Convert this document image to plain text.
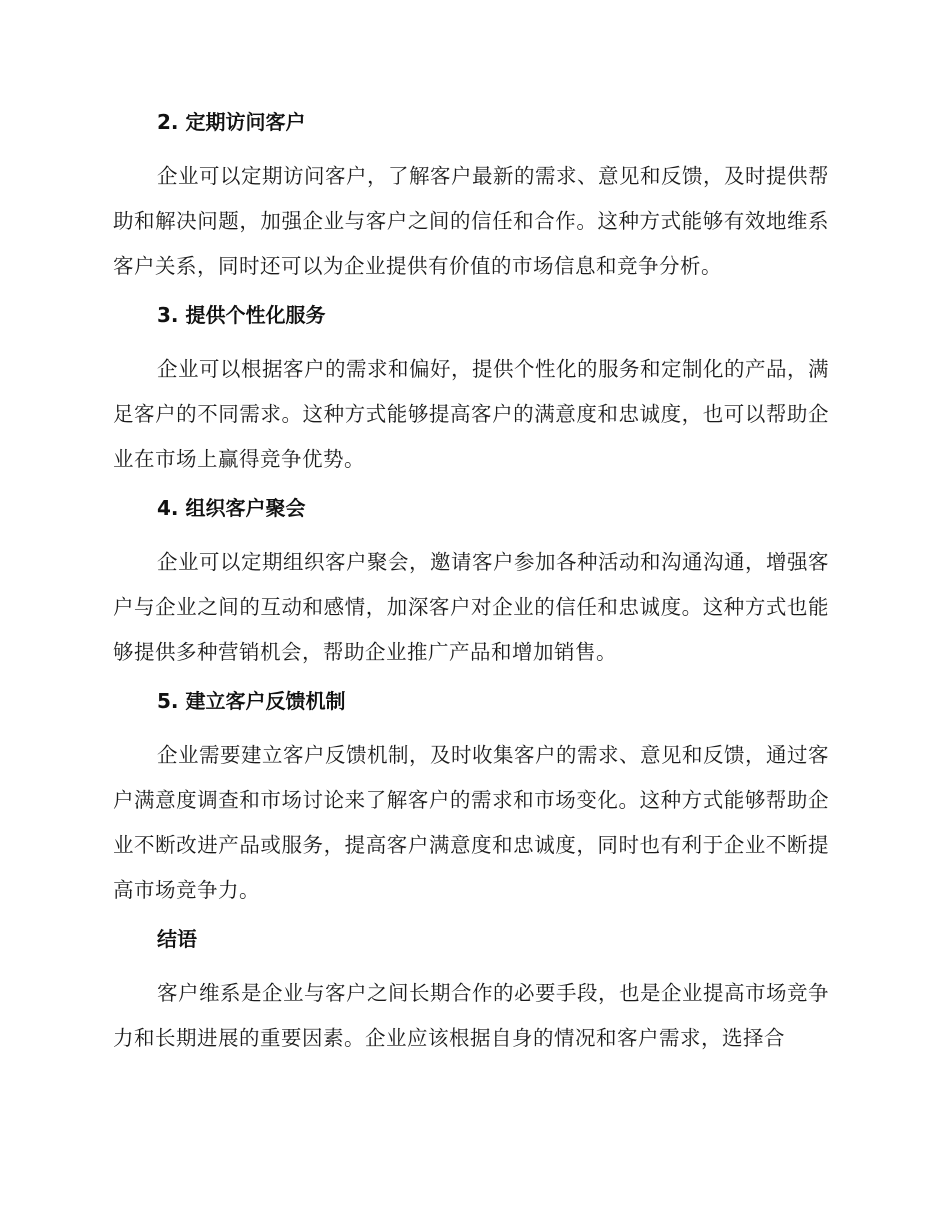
2. 定期访问客户

企业可以定期访问客户，了解客户最新的需求、意见和反馈，及时提供帮助和解决问题，加强企业与客户之间的信任和合作。这种方式能够有效地维系客户关系，同时还可以为企业提供有价值的市场信息和竞争分析。

3. 提供个性化服务

企业可以根据客户的需求和偏好，提供个性化的服务和定制化的产品，满足客户的不同需求。这种方式能够提高客户的满意度和忠诚度，也可以帮助企业在市场上赢得竞争优势。

4. 组织客户聚会

企业可以定期组织客户聚会，邀请客户参加各种活动和沟通沟通，增强客户与企业之间的互动和感情，加深客户对企业的信任和忠诚度。这种方式也能够提供多种营销机会，帮助企业推广产品和增加销售。

5. 建立客户反馈机制

企业需要建立客户反馈机制，及时收集客户的需求、意见和反馈，通过客户满意度调查和市场讨论来了解客户的需求和市场变化。这种方式能够帮助企业不断改进产品或服务，提高客户满意度和忠诚度，同时也有利于企业不断提高市场竞争力。

结语

客户维系是企业与客户之间长期合作的必要手段，也是企业提高市场竞争力和长期进展的重要因素。企业应该根据自身的情况和客户需求，选择合
